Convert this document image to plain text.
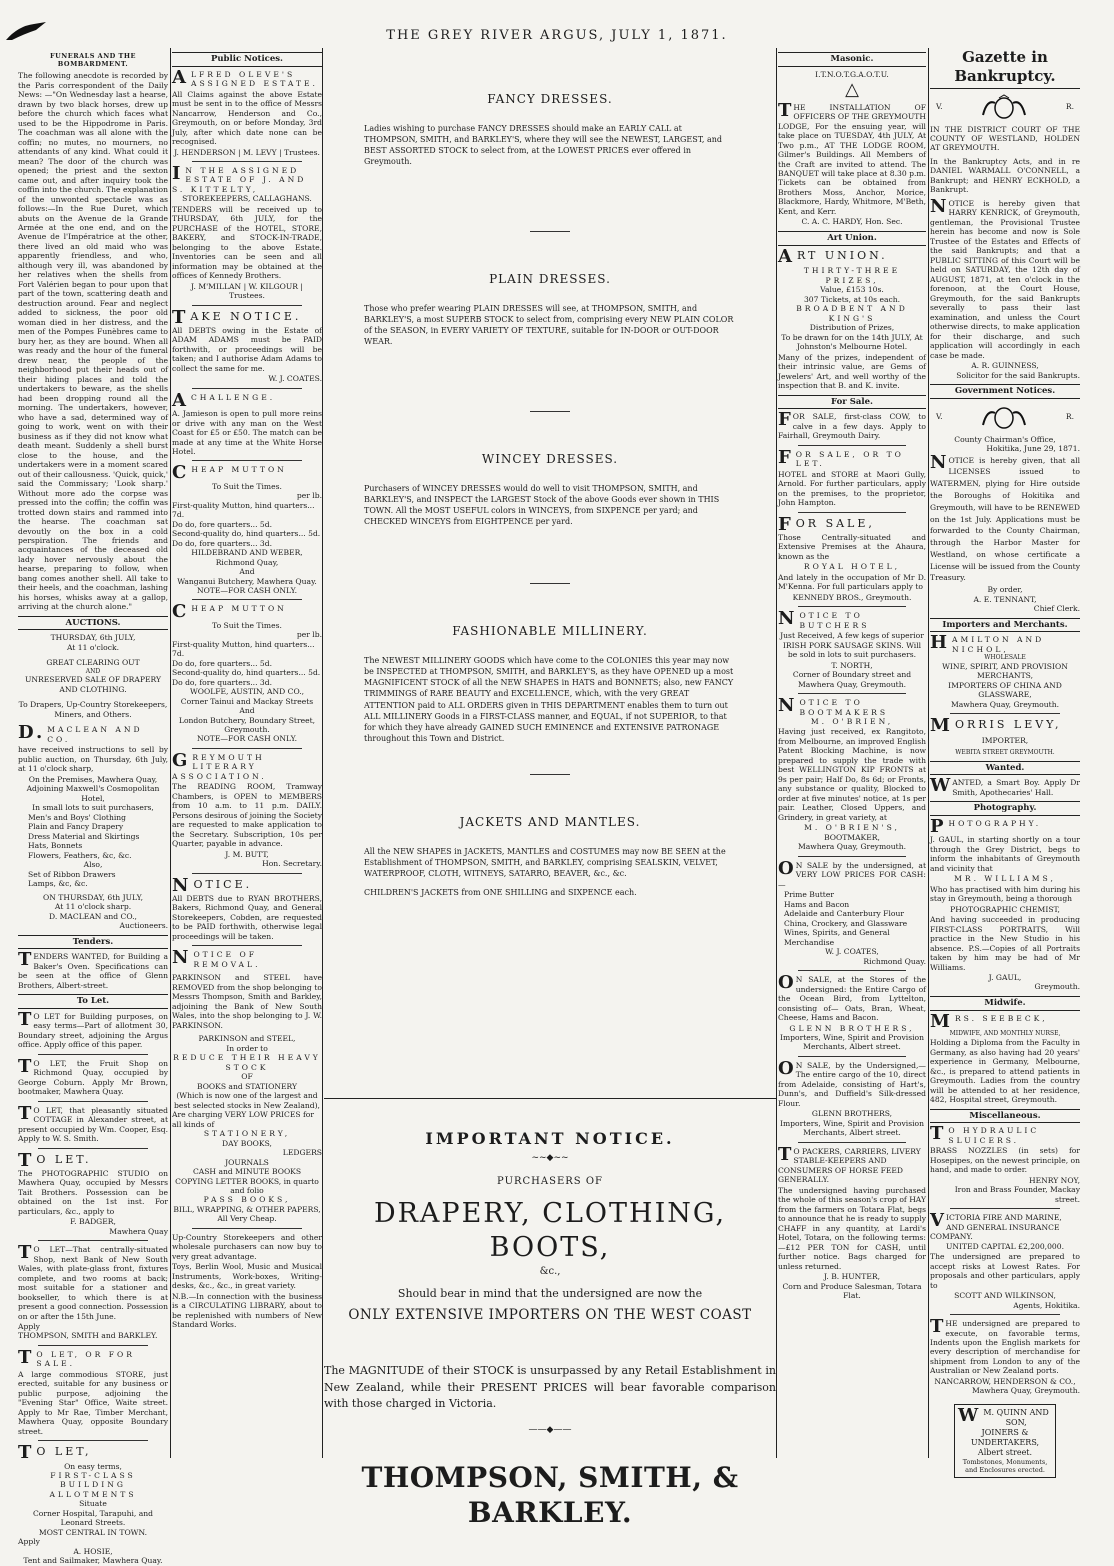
THE GREY RIVER ARGUS, JULY 1, 1871.
FUNERALS AND THE BOMBARDMENT.
The following anecdote is recorded by the Paris correspondent of the Daily News: —"On Wednesday last a hearse, drawn by two black horses, drew up before the church which faces what used to be the Hippodrome in Paris. The coachman was all alone with the coffin; no mutes, no mourners, no attendants of any kind. What could it mean? The door of the church was opened; the priest and the sexton came out, and after inquiry took the coffin into the church. The explanation of the unwonted spectacle was as follows:—In the Rue Duret, which abuts on the Avenue de la Grande Armée at the one end, and on the Avenue de l'Impératrice at the other, there lived an old maid who was apparently friendless, and who, although very ill, was abandoned by her relatives when the shells from Fort Valérien began to pour upon that part of the town, scattering death and destruction around. Fear and neglect added to sickness, the poor old woman died in her distress, and the men of the Pompes Funèbres came to bury her, as they are bound. When all was ready and the hour of the funeral drew near, the people of the neighborhood put their heads out of their hiding places and told the undertakers to beware, as the shells had been dropping round all the morning. The undertakers, however, who have a sad, determined way of going to work, went on with their business as if they did not know what death meant. Suddenly a shell burst close to the house, and the undertakers were in a moment scared out of their callousness. 'Quick, quick,' said the Commissary; 'Look sharp.' Without more ado the corpse was pressed into the coffin; the coffin was trotted down stairs and rammed into the hearse. The coachman sat devoutly on the box in a cold perspiration. The friends and acquaintances of the deceased old lady hover nervously about the hearse, preparing to follow, when bang comes another shell. All take to their heels, and the coachman, lashing his horses, whisks away at a gallop, arriving at the church alone."
AUCTIONS.
THURSDAY, 6th JULY,
At 11 o'clock.
GREAT CLEARING OUT
AND
UNRESERVED SALE OF DRAPERY AND CLOTHING.
To Drapers, Up-Country Storekeepers, Miners, and Others.
D.MACLEAN AND CO.
have received instructions to sell by public auction, on Thursday, 6th July, at 11 o'clock sharp,
On the Premises, Mawhera Quay,
Adjoining Maxwell's Cosmopolitan Hotel,
In small lots to suit purchasers,
Men's and Boys' Clothing
Plain and Fancy Drapery
Dress Material and Skirtings
Hats, Bonnets
Flowers, Feathers, &c, &c.
Also,
Set of Ribbon Drawers
Lamps, &c, &c.
ON THURSDAY, 6th JULY,
At 11 o'clock sharp.
D. MACLEAN and CO.,
Auctioneers.
Tenders.
TENDERS WANTED, for Building a Baker's Oven. Specifications can be seen at the office of Glenn Brothers, Albert-street.
To Let.
TO LET for Building purposes, on easy terms—Part of allotment 30, Boundary street, adjoining the Argus office. Apply office of this paper.
TO LET, the Fruit Shop on Richmond Quay, occupied by George Coburn. Apply Mr Brown, bootmaker, Mawhera Quay.
TO LET, that pleasantly situated COTTAGE in Alexander street, at present occupied by Wm. Cooper, Esq. Apply to W. S. Smith.
TO LET.
The PHOTOGRAPHIC STUDIO on Mawhera Quay, occupied by Messrs Tait Brothers. Possession can be obtained on the 1st inst. For particulars, &c., apply to
F. BADGER,
Mawhera Quay
TO LET—That centrally-situated Shop, next Bank of New South Wales, with plate-glass front, fixtures complete, and two rooms at back; most suitable for a stationer and bookseller, to which there is at present a good connection. Possession on or after the 15th June.
Apply
THOMPSON, SMITH and BARKLEY.
TO LET, OR FOR SALE.
A large commodious STORE, just erected, suitable for any business or public purpose, adjoining the "Evening Star" Office, Waite street. Apply to Mr Rae, Timber Merchant, Mawhera Quay, opposite Boundary street.
TO LET,
On easy terms,
FIRST-CLASS
BUILDING ALLOTMENTS
Situate
Corner Hospital, Tarapuhi, and Leonard Streets.
MOST CENTRAL IN TOWN.
Apply
A. HOSIE,
Tent and Sailmaker, Mawhera Quay.
Public Notices.
ALFRED OLEVE'S ASSIGNED ESTATE.
All Claims against the above Estate must be sent in to the office of Messrs Nancarrow, Henderson and Co., Greymouth, on or before Monday, 3rd July, after which date none can be recognised.
J. HENDERSON | M. LEVY | Trustees.
IN THE ASSIGNED ESTATE OF J. AND S. KITTELTY,
STOREKEEPERS, CALLAGHANS.
TENDERS will be received up to THURSDAY, 6th JULY, for the PURCHASE of the HOTEL, STORE, BAKERY, and STOCK-IN-TRADE, belonging to the above Estate. Inventories can be seen and all information may be obtained at the offices of Kennedy Brothers.
J. M'MILLAN | W. KILGOUR | Trustees.
TAKE NOTICE.
All DEBTS owing in the Estate of ADAM ADAMS must be PAID forthwith, or proceedings will be taken; and I authorise Adam Adams to collect the same for me.
W. J. COATES.
ACHALLENGE.
A. Jamieson is open to pull more reins or drive with any man on the West Coast for £5 or £50. The match can be made at any time at the White Horse Hotel.
CHEAP MUTTON
To Suit the Times.
per lb.
First-quality Mutton, hind quarters... 7d.
Do do, fore quarters... 5d.
Second-quality do, hind quarters... 5d.
Do do, fore quarters... 3d.
HILDEBRAND AND WEBER,
Richmond Quay,
And
Wanganui Butchery, Mawhera Quay.
NOTE—FOR CASH ONLY.
CHEAP MUTTON
To Suit the Times.
per lb.
First-quality Mutton, hind quarters... 7d.
Do do, fore quarters... 5d.
Second-quality do, hind quarters... 5d.
Do do, fore quarters... 3d.
WOOLFE, AUSTIN, AND CO.,
Corner Tainui and Mackay Streets
And
London Butchery, Boundary Street, Greymouth.
NOTE—FOR CASH ONLY.
GREYMOUTH LITERARY ASSOCIATION.
The READING ROOM, Tramway Chambers, is OPEN to MEMBERS from 10 a.m. to 11 p.m. DAILY. Persons desirous of joining the Society are requested to make application to the Secretary. Subscription, 10s per Quarter, payable in advance.
J. M. BUTT,
Hon. Secretary.
NOTICE.
All DEBTS due to RYAN BROTHERS, Bakers, Richmond Quay, and General Storekeepers, Cobden, are requested to be PAID forthwith, otherwise legal proceedings will be taken.
NOTICE OF REMOVAL.
PARKINSON and STEEL have REMOVED from the shop belonging to Messrs Thompson, Smith and Barkley, adjoining the Bank of New South Wales, into the shop belonging to J. W. PARKINSON.
PARKINSON and STEEL,
In order to
REDUCE THEIR HEAVY STOCK
OF
BOOKS and STATIONERY
(Which is now one of the largest and best selected stocks in New Zealand),
Are charging VERY LOW PRICES for all kinds of
STATIONERY,
DAY BOOKS,
LEDGERS
JOURNALS
CASH and MINUTE BOOKS
COPYING LETTER BOOKS, in quarto and folio
PASS BOOKS,
BILL, WRAPPING, & OTHER PAPERS,
All Very Cheap.
Up-Country Storekeepers and other wholesale purchasers can now buy to very great advantage.
Toys, Berlin Wool, Music and Musical Instruments, Work-boxes, Writing-desks, &c., &c., in great variety.
N.B.—In connection with the business is a CIRCULATING LIBRARY, about to be replenished with numbers of New Standard Works.
FANCY DRESSES.
Ladies wishing to purchase FANCY DRESSES should make an EARLY CALL at THOMPSON, SMITH, and BARKLEY'S, where they will see the NEWEST, LARGEST, and BEST ASSORTED STOCK to select from, at the LOWEST PRICES ever offered in Greymouth.
PLAIN DRESSES.
Those who prefer wearing PLAIN DRESSES will see, at THOMPSON, SMITH, and BARKLEY'S, a most SUPERB STOCK to select from, comprising every NEW PLAIN COLOR of the SEASON, in EVERY VARIETY OF TEXTURE, suitable for IN-DOOR or OUT-DOOR WEAR.
WINCEY DRESSES.
Purchasers of WINCEY DRESSES would do well to visit THOMPSON, SMITH, and BARKLEY'S, and INSPECT the LARGEST Stock of the above Goods ever shown in THIS TOWN. All the MOST USEFUL colors in WINCEYS, from SIXPENCE per yard; and CHECKED WINCEYS from EIGHTPENCE per yard.
FASHIONABLE MILLINERY.
The NEWEST MILLINERY GOODS which have come to the COLONIES this year may now be INSPECTED at THOMPSON, SMITH, and BARKLEY'S, as they have OPENED up a most MAGNIFICENT STOCK of all the NEW SHAPES in HATS and BONNETS; also, new FANCY TRIMMINGS of RARE BEAUTY and EXCELLENCE, which, with the very GREAT ATTENTION paid to ALL ORDERS given in THIS DEPARTMENT enables them to turn out ALL MILLINERY Goods in a FIRST-CLASS manner, and EQUAL, if not SUPERIOR, to that for which they have already GAINED SUCH EMINENCE and EXTENSIVE PATRONAGE throughout this Town and District.
JACKETS AND MANTLES.
All the NEW SHAPES in JACKETS, MANTLES and COSTUMES may now BE SEEN at the Establishment of THOMPSON, SMITH, and BARKLEY, comprising SEALSKIN, VELVET, WATERPROOF, CLOTH, WITNEYS, SATARRO, BEAVER, &c., &c.
CHILDREN'S JACKETS from ONE SHILLING and SIXPENCE each.
IMPORTANT NOTICE.
~~◆~~
PURCHASERS OF
DRAPERY, CLOTHING, BOOTS,
&c.,
Should bear in mind that the undersigned are now the
ONLY EXTENSIVE IMPORTERS ON THE WEST COAST
The MAGNITUDE of their STOCK is unsurpassed by any Retail Establishment in New Zealand, while their PRESENT PRICES will bear favorable comparison with those charged in Victoria.
——◆——
THOMPSON, SMITH, & BARKLEY.
Masonic.
I.T.N.O.T.G.A.O.T.U.
△
THE INSTALLATION OF OFFICERS OF THE GREYMOUTH LODGE, For the ensuing year, will take place on TUESDAY, 4th JULY, At Two p.m., AT THE LODGE ROOM, Gilmer's Buildings. All Members of the Craft are invited to attend. The BANQUET will take place at 8.30 p.m. Tickets can be obtained from Brothers Moss, Anchor, Morice, Blackmore, Hardy, Whitmore, M'Beth, Kent, and Kerr.
C. A. C. HARDY, Hon. Sec.
Art Union.
ART UNION.
THIRTY-THREE PRIZES,
Value, £153 10s.
307 Tickets, at 10s each.
BROADBENT AND KING'S
Distribution of Prizes,
To be drawn for on the 14th JULY, At Johnston's Melbourne Hotel.
Many of the prizes, independent of their intrinsic value, are Gems of Jewelers' Art, and well worthy of the inspection that B. and K. invite.
For Sale.
FOR SALE, first-class COW, to calve in a few days. Apply to Fairhall, Greymouth Dairy.
FOR SALE, OR TO LET.
HOTEL and STORE at Maori Gully, Arnold. For further particulars, apply on the premises, to the proprietor, John Hampton.
FOR SALE,
Those Centrally-situated and Extensive Premises at the Ahaura, known as the
ROYAL HOTEL,
And lately in the occupation of Mr D. M'Kenna. For full particulars apply to
KENNEDY BROS., Greymouth.
NOTICE TO BUTCHERS
Just Received, A few kegs of superior IRISH PORK SAUSAGE SKINS. Will be sold in lots to suit purchasers.
T. NORTH,
Corner of Boundary street and Mawhera Quay, Greymouth.
NOTICE TO BOOTMAKERS
M. O'BRIEN,
Having just received, ex Rangitoto, from Melbourne, an improved English Patent Blocking Machine, is now prepared to supply the trade with best WELLINGTON KIP FRONTS at 9s per pair; Half Do, 8s 6d; or Fronts, any substance or quality, Blocked to order at five minutes' notice, at 1s per pair. Leather, Closed Uppers, and Grindery, in great variety, at
M. O'BRIEN'S,
BOOTMAKER,
Mawhera Quay, Greymouth.
ON SALE by the undersigned, at VERY LOW PRICES FOR CASH:—
Prime Butter
Hams and Bacon
Adelaide and Canterbury Flour
China, Crockery, and Glassware
Wines, Spirits, and General Merchandise
W. J. COATES,
Richmond Quay.
ON SALE, at the Stores of the undersigned: the Entire Cargo of the Ocean Bird, from Lyttelton, consisting of— Oats, Bran, Wheat, Cheese, Hams and Bacon.
GLENN BROTHERS,
Importers, Wine, Spirit and Provision Merchants, Albert street.
ON SALE, by the Undersigned,— The entire cargo of the 10, direct from Adelaide, consisting of Hart's, Dunn's, and Duffield's Silk-dressed Flour.
GLENN BROTHERS,
Importers, Wine, Spirit and Provision Merchants, Albert street.
TO PACKERS, CARRIERS, LIVERY STABLE-KEEPERS AND CONSUMERS OF HORSE FEED GENERALLY.
The undersigned having purchased the whole of this season's crop of HAY from the farmers on Totara Flat, begs to announce that he is ready to supply CHAFF in any quantity, at Lardi's Hotel, Totara, on the following terms:—£12 PER TON for CASH, until further notice. Bags charged for unless returned.
J. B. HUNTER,
Corn and Produce Salesman, Totara Flat.
Gazette in Bankruptcy.
V.	R.
IN THE DISTRICT COURT OF THE COUNTY OF WESTLAND, HOLDEN AT GREYMOUTH.
In the Bankruptcy Acts, and in re DANIEL WARMALL O'CONNELL, a Bankrupt; and HENRY ECKHOLD, a Bankrupt.
NOTICE is hereby given that HARRY KENRICK, of Greymouth, gentleman, the Provisional Trustee herein has become and now is Sole Trustee of the Estates and Effects of the said Bankrupts; and that a PUBLIC SITTING of this Court will be held on SATURDAY, the 12th day of AUGUST, 1871, at ten o'clock in the forenoon, at the Court House, Greymouth, for the said Bankrupts severally to pass their last examination, and unless the Court otherwise directs, to make application for their discharge, and such application will accordingly in each case be made.
A. R. GUINNESS,
Solicitor for the said Bankrupts.
Government Notices.
V.	R.
County Chairman's Office,
Hokitika, June 29, 1871.
NOTICE is hereby given, that all LICENSES issued to WATERMEN, plying for Hire outside the Boroughs of Hokitika and Greymouth, will have to be RENEWED on the 1st July. Applications must be forwarded to the County Chairman, through the Harbor Master for Westland, on whose certificate a License will be issued from the County Treasury.
By order,
A. E. TENNANT,
Chief Clerk.
Importers and Merchants.
HAMILTON AND NICHOL,
WHOLESALE
WINE, SPIRIT, AND PROVISION MERCHANTS,
IMPORTERS OF CHINA AND GLASSWARE,
Mawhera Quay, Greymouth.
MORRIS LEVY,
IMPORTER,
WEBITA STREET GREYMOUTH.
Wanted.
WANTED, a Smart Boy. Apply Dr Smith, Apothecaries' Hall.
Photography.
PHOTOGRAPHY.
J. GAUL, in starting shortly on a tour through the Grey District, begs to inform the inhabitants of Greymouth and vicinity that
MR. WILLIAMS,
Who has practised with him during his stay in Greymouth, being a thorough
PHOTOGRAPHIC CHEMIST,
And having succeeded in producing FIRST-CLASS PORTRAITS, Will practice in the New Studio in his absence. P.S.—Copies of all Portraits taken by him may be had of Mr Williams.
J. GAUL,
Greymouth.
Midwife.
MRS. SEEBECK,
MIDWIFE, AND MONTHLY NURSE,
Holding a Diploma from the Faculty in Germany, as also having had 20 years' experience in Germany, Melbourne, &c., is prepared to attend patients in Greymouth. Ladies from the country will be attended to at her residence, 482, Hospital street, Greymouth.
Miscellaneous.
TO HYDRAULIC SLUICERS.
BRASS NOZZLES (in sets) for Hosepipes, on the newest principle, on hand, and made to order.
HENRY NOY,
Iron and Brass Founder, Mackay street.
VICTORIA FIRE AND MARINE, AND GENERAL INSURANCE COMPANY.
UNITED CAPITAL £2,200,000.
The undersigned are prepared to accept risks at Lowest Rates. For proposals and other particulars, apply to
SCOTT AND WILKINSON,
Agents, Hokitika.
THE undersigned are prepared to execute, on favorable terms, Indents upon the English markets for every description of merchandise for shipment from London to any of the Australian or New Zealand ports.
NANCARROW, HENDERSON & CO.,
Mawhera Quay, Greymouth.
WM. QUINN AND SON,
JOINERS & UNDERTAKERS,
Albert street.
Tombstones, Monuments, and Enclosures erected.
